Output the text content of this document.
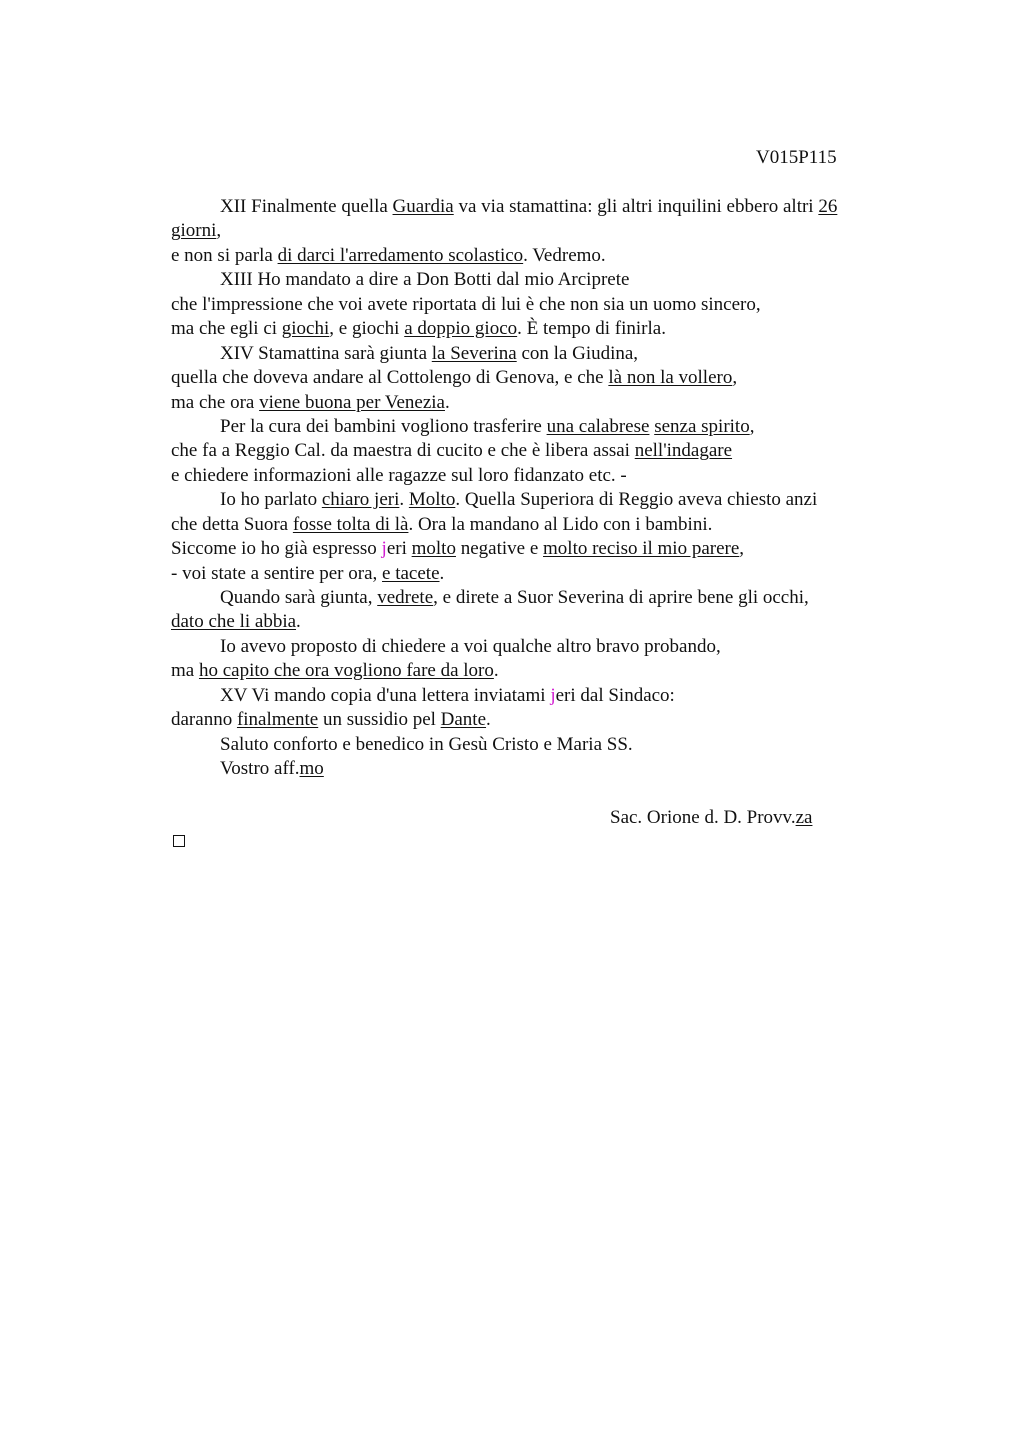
V015P115
XII Finalmente quella Guardia va via stamattina: gli altri inquilini ebbero altri 26
giorni,
e non si parla di darci l'arredamento scolastico. Vedremo.
XIII Ho mandato a dire a Don Botti dal mio Arciprete
che l'impressione che voi avete riportata di lui è che non sia un uomo sincero,
ma che egli ci giochi, e giochi a doppio gioco. È tempo di finirla.
XIV Stamattina sarà giunta la Severina con la Giudina,
quella che doveva andare al Cottolengo di Genova, e che là non la vollero,
ma che ora viene buona per Venezia.
Per la cura dei bambini vogliono trasferire una calabrese senza spirito,
che fa a Reggio Cal. da maestra di cucito e che è libera assai nell'indagare
e chiedere informazioni alle ragazze sul loro fidanzato etc. -
Io ho parlato chiaro jeri. Molto. Quella Superiora di Reggio aveva chiesto anzi
che detta Suora fosse tolta di là. Ora la mandano al Lido con i bambini.
Siccome io ho già espresso jeri molto negative e molto reciso il mio parere,
- voi state a sentire per ora, e tacete.
Quando sarà giunta, vedrete, e direte a Suor Severina di aprire bene gli occhi,
dato che li abbia.
Io avevo proposto di chiedere a voi qualche altro bravo probando,
ma ho capito che ora vogliono fare da loro.
XV Vi mando copia d'una lettera inviatami jeri dal Sindaco:
daranno finalmente un sussidio pel Dante.
Saluto conforto e benedico in Gesù Cristo e Maria SS.
Vostro aff.mo
Sac. Orione d. D. Provv.za
